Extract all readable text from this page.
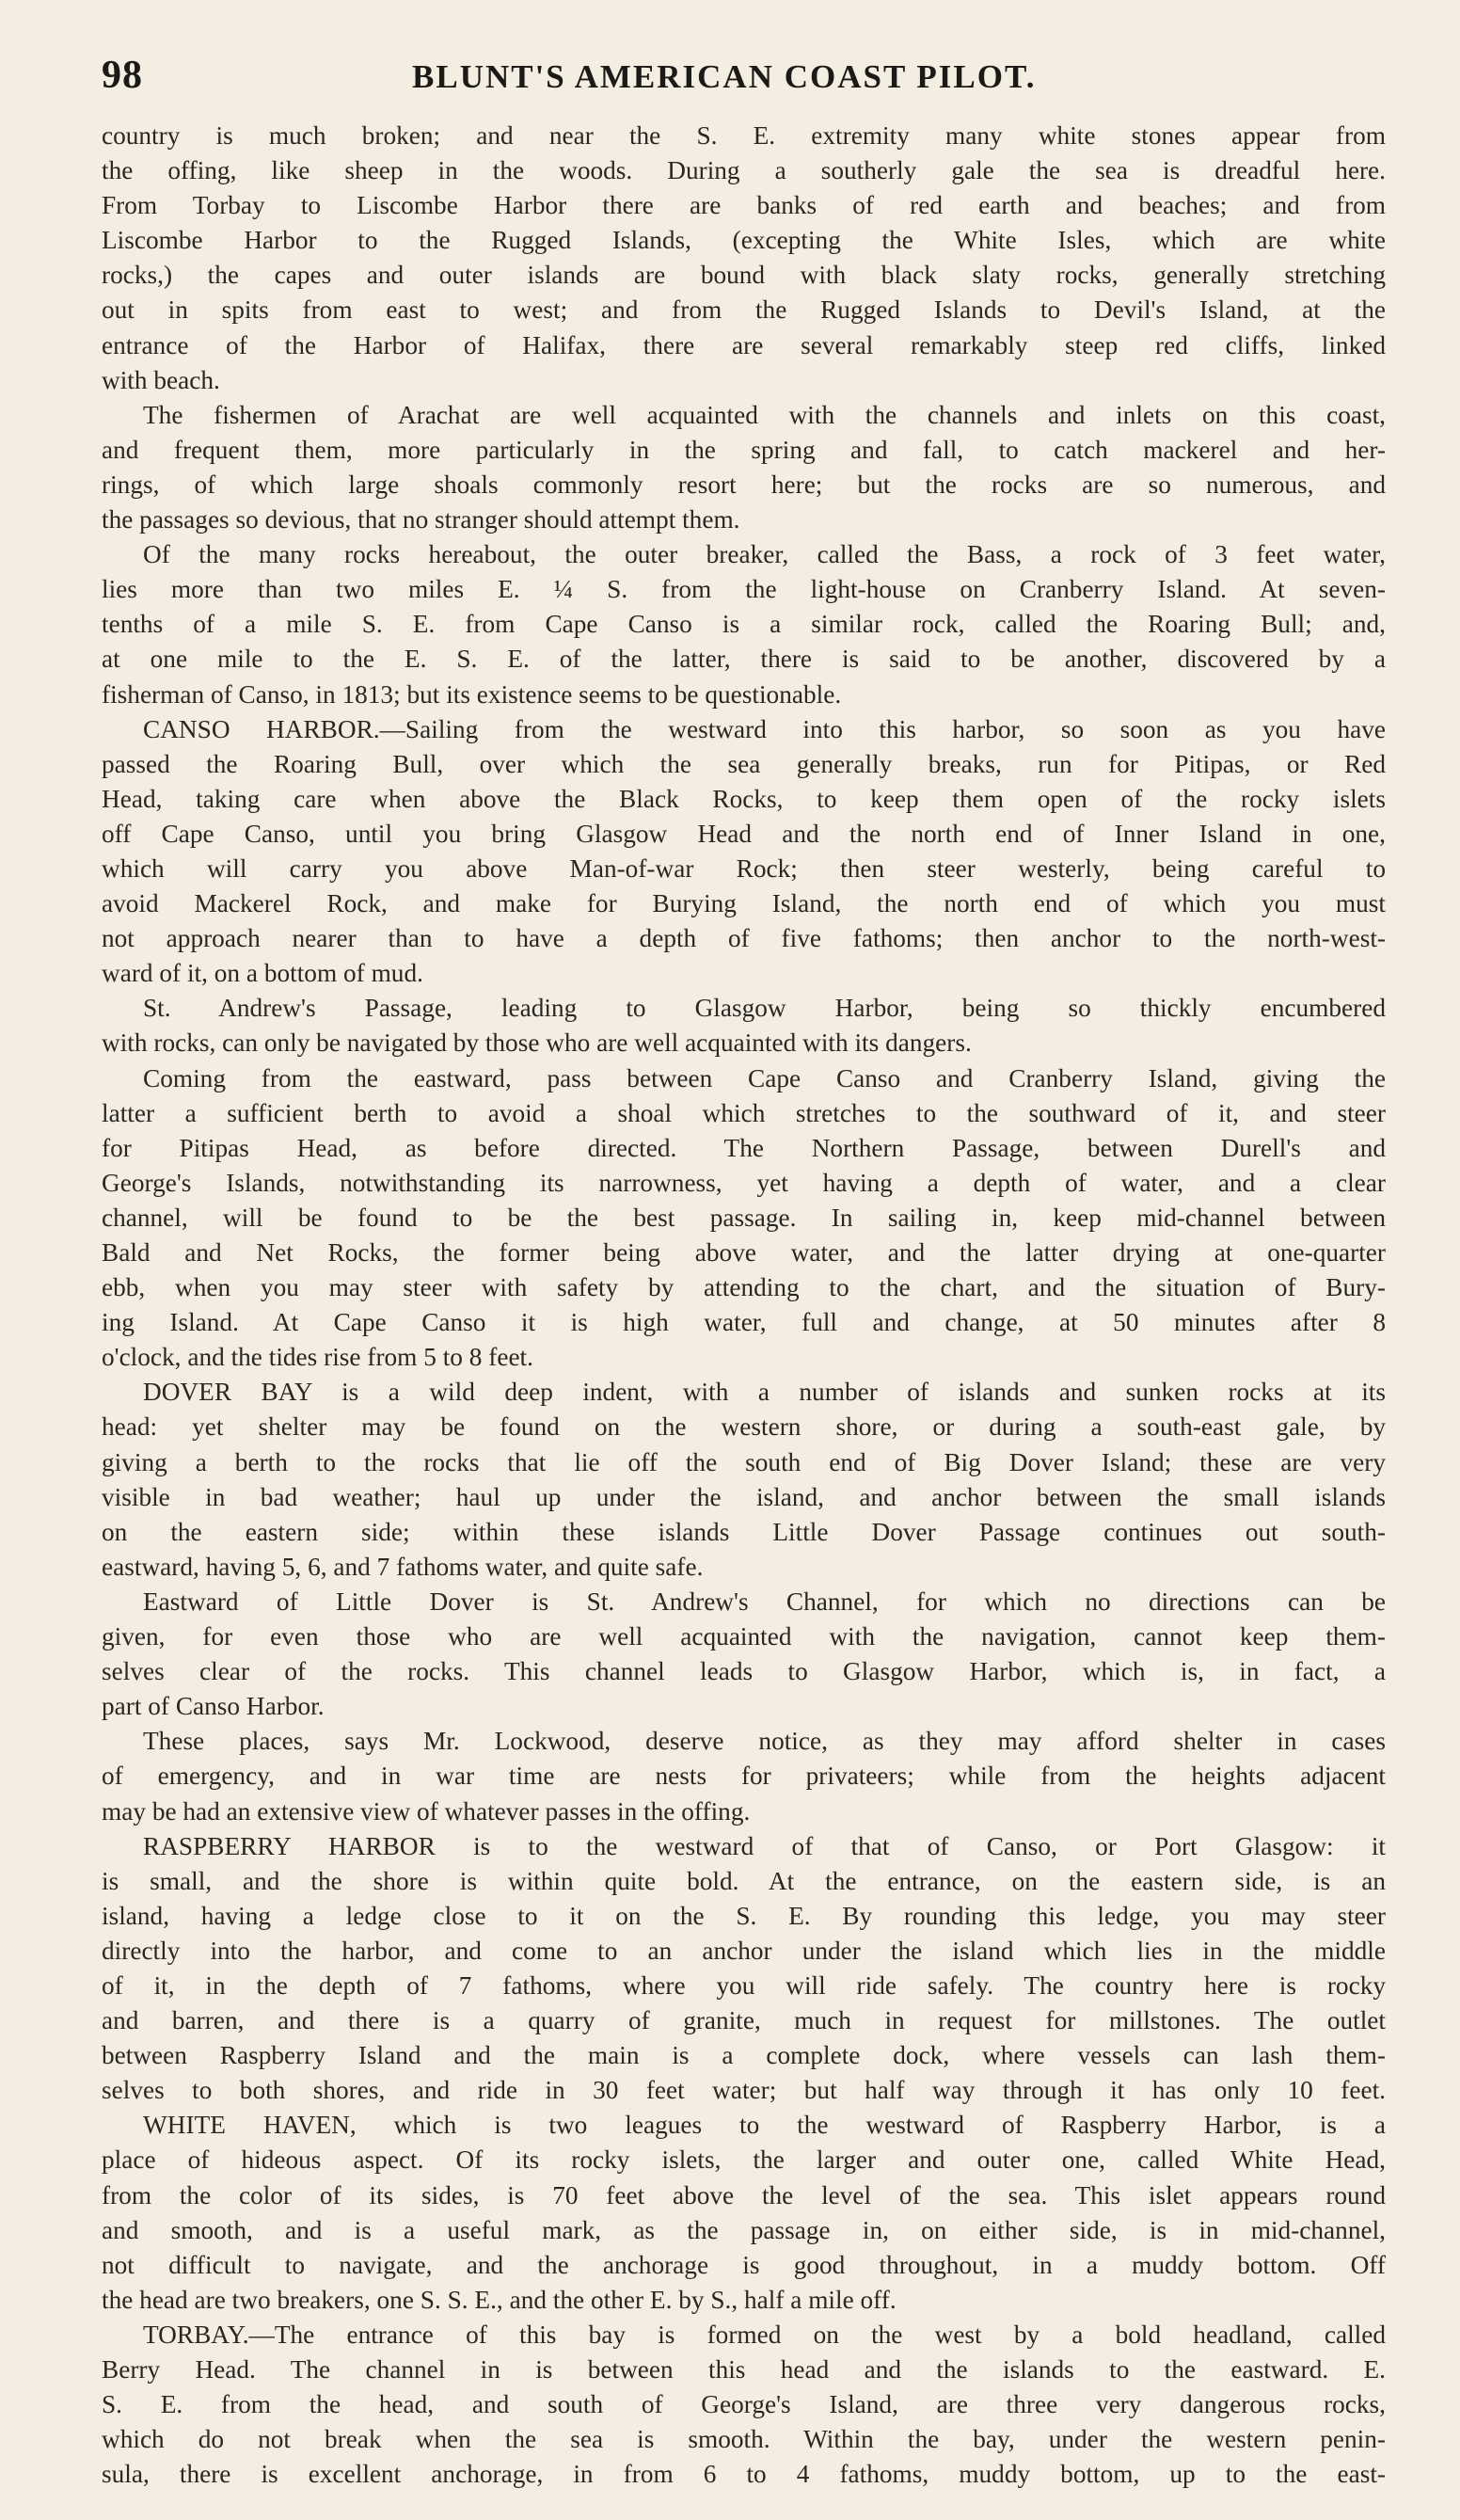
98	BLUNT'S AMERICAN COAST PILOT.
country is much broken; and near the S. E. extremity many white stones appear from
the offing, like sheep in the woods. During a southerly gale the sea is dreadful here.
From Torbay to Liscombe Harbor there are banks of red earth and beaches; and from
Liscombe Harbor to the Rugged Islands, (excepting the White Isles, which are white
rocks,) the capes and outer islands are bound with black slaty rocks, generally stretching
out in spits from east to west; and from the Rugged Islands to Devil's Island, at the
entrance of the Harbor of Halifax, there are several remarkably steep red cliffs, linked
with beach.
The fishermen of Arachat are well acquainted with the channels and inlets on this coast,
and frequent them, more particularly in the spring and fall, to catch mackerel and her-
rings, of which large shoals commonly resort here; but the rocks are so numerous, and
the passages so devious, that no stranger should attempt them.
Of the many rocks hereabout, the outer breaker, called the Bass, a rock of 3 feet water,
lies more than two miles E. ¼ S. from the light-house on Cranberry Island. At seven-
tenths of a mile S. E. from Cape Canso is a similar rock, called the Roaring Bull; and,
at one mile to the E. S. E. of the latter, there is said to be another, discovered by a
fisherman of Canso, in 1813; but its existence seems to be questionable.
CANSO HARBOR.—Sailing from the westward into this harbor, so soon as you have
passed the Roaring Bull, over which the sea generally breaks, run for Pitipas, or Red
Head, taking care when above the Black Rocks, to keep them open of the rocky islets
off Cape Canso, until you bring Glasgow Head and the north end of Inner Island in one,
which will carry you above Man-of-war Rock; then steer westerly, being careful to
avoid Mackerel Rock, and make for Burying Island, the north end of which you must
not approach nearer than to have a depth of five fathoms; then anchor to the north-west-
ward of it, on a bottom of mud.
St. Andrew's Passage, leading to Glasgow Harbor, being so thickly encumbered
with rocks, can only be navigated by those who are well acquainted with its dangers.
Coming from the eastward, pass between Cape Canso and Cranberry Island, giving the
latter a sufficient berth to avoid a shoal which stretches to the southward of it, and steer
for Pitipas Head, as before directed. The Northern Passage, between Durell's and
George's Islands, notwithstanding its narrowness, yet having a depth of water, and a clear
channel, will be found to be the best passage. In sailing in, keep mid-channel between
Bald and Net Rocks, the former being above water, and the latter drying at one-quarter
ebb, when you may steer with safety by attending to the chart, and the situation of Bury-
ing Island. At Cape Canso it is high water, full and change, at 50 minutes after 8
o'clock, and the tides rise from 5 to 8 feet.
DOVER BAY is a wild deep indent, with a number of islands and sunken rocks at its
head: yet shelter may be found on the western shore, or during a south-east gale, by
giving a berth to the rocks that lie off the south end of Big Dover Island; these are very
visible in bad weather; haul up under the island, and anchor between the small islands
on the eastern side; within these islands Little Dover Passage continues out south-
eastward, having 5, 6, and 7 fathoms water, and quite safe.
Eastward of Little Dover is St. Andrew's Channel, for which no directions can be
given, for even those who are well acquainted with the navigation, cannot keep them-
selves clear of the rocks. This channel leads to Glasgow Harbor, which is, in fact, a
part of Canso Harbor.
These places, says Mr. Lockwood, deserve notice, as they may afford shelter in cases
of emergency, and in war time are nests for privateers; while from the heights adjacent
may be had an extensive view of whatever passes in the offing.
RASPBERRY HARBOR is to the westward of that of Canso, or Port Glasgow: it
is small, and the shore is within quite bold. At the entrance, on the eastern side, is an
island, having a ledge close to it on the S. E. By rounding this ledge, you may steer
directly into the harbor, and come to an anchor under the island which lies in the middle
of it, in the depth of 7 fathoms, where you will ride safely. The country here is rocky
and barren, and there is a quarry of granite, much in request for millstones. The outlet
between Raspberry Island and the main is a complete dock, where vessels can lash them-
selves to both shores, and ride in 30 feet water; but half way through it has only 10 feet.
WHITE HAVEN, which is two leagues to the westward of Raspberry Harbor, is a
place of hideous aspect. Of its rocky islets, the larger and outer one, called White Head,
from the color of its sides, is 70 feet above the level of the sea. This islet appears round
and smooth, and is a useful mark, as the passage in, on either side, is in mid-channel,
not difficult to navigate, and the anchorage is good throughout, in a muddy bottom. Off
the head are two breakers, one S. S. E., and the other E. by S., half a mile off.
TORBAY.—The entrance of this bay is formed on the west by a bold headland, called
Berry Head. The channel in is between this head and the islands to the eastward. E.
S. E. from the head, and south of George's Island, are three very dangerous rocks,
which do not break when the sea is smooth. Within the bay, under the western penin-
sula, there is excellent anchorage, in from 6 to 4 fathoms, muddy bottom, up to the east-
